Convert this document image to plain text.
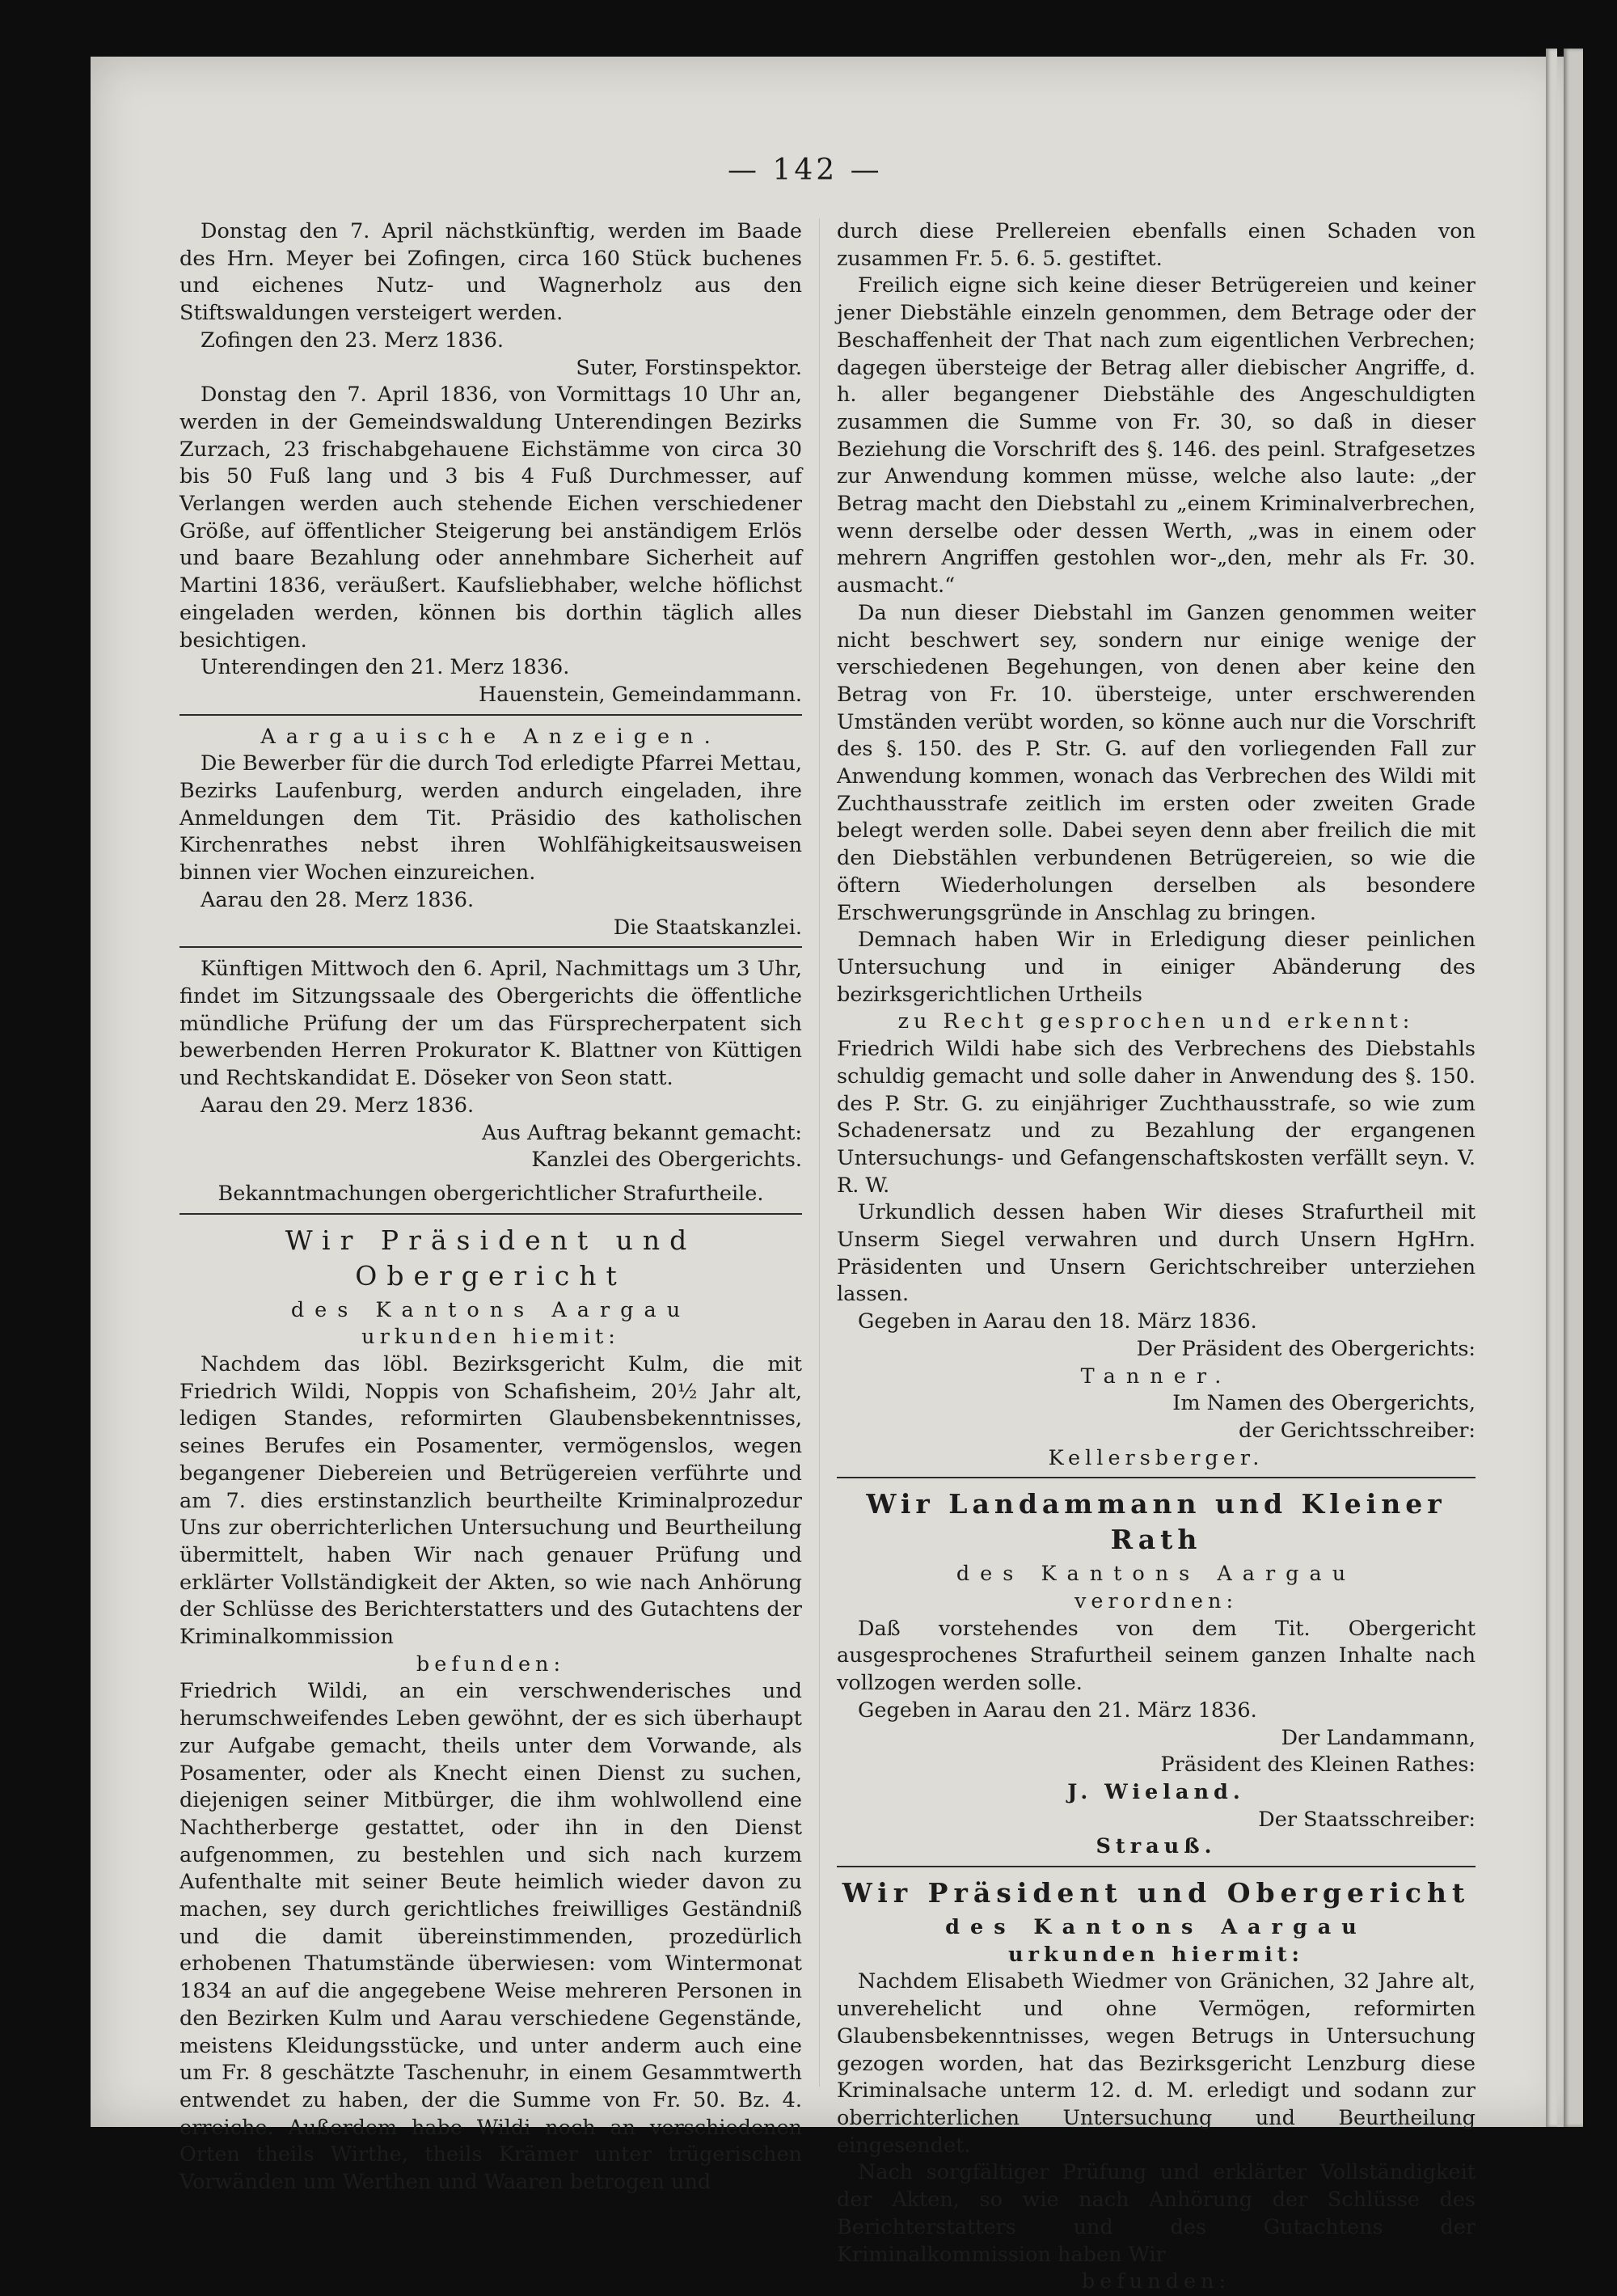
— 142 —

Donstag den 7. April nächstkünftig, werden im Baade des Hrn. Meyer bei Zofingen, circa 160 Stück buchenes und eichenes Nutz- und Wagnerholz aus den Stiftswaldungen versteigert werden.

Zofingen den 23. Merz 1836.

Suter, Forstinspektor.

Donstag den 7. April 1836, von Vormittags 10 Uhr an, werden in der Gemeindswaldung Unterendingen Bezirks Zurzach, 23 frischabgehauene Eichstämme von circa 30 bis 50 Fuß lang und 3 bis 4 Fuß Durchmesser, auf Verlangen werden auch stehende Eichen verschiedener Größe, auf öffentlicher Steigerung bei anständigem Erlös und baare Bezahlung oder annehmbare Sicherheit auf Martini 1836, veräußert. Kaufsliebhaber, welche höflichst eingeladen werden, können bis dorthin täglich alles besichtigen.

Unterendingen den 21. Merz 1836.

Hauenstein, Gemeindammann.

Aargauische Anzeigen.

Die Bewerber für die durch Tod erledigte Pfarrei Mettau, Bezirks Laufenburg, werden andurch eingeladen, ihre Anmeldungen dem Tit. Präsidio des katholischen Kirchenrathes nebst ihren Wohlfähigkeitsausweisen binnen vier Wochen einzureichen.

Aarau den 28. Merz 1836.

Die Staatskanzlei.

Künftigen Mittwoch den 6. April, Nachmittags um 3 Uhr, findet im Sitzungssaale des Obergerichts die öffentliche mündliche Prüfung der um das Fürsprecherpatent sich bewerbenden Herren Prokurator K. Blattner von Küttigen und Rechtskandidat E. Döseker von Seon statt.

Aarau den 29. Merz 1836.

Aus Auftrag bekannt gemacht:

Kanzlei des Obergerichts.

Bekanntmachungen obergerichtlicher Strafurtheile.

Wir Präsident und Obergericht

des Kantons Aargau

urkunden hiemit:

Nachdem das löbl. Bezirksgericht Kulm, die mit Friedrich Wildi, Noppis von Schafisheim, 20½ Jahr alt, ledigen Standes, reformirten Glaubensbekenntnisses, seines Berufes ein Posamenter, vermögenslos, wegen begangener Diebereien und Betrügereien verführte und am 7. dies erstinstanzlich beurtheilte Kriminalprozedur Uns zur oberrichterlichen Untersuchung und Beurtheilung übermittelt, haben Wir nach genauer Prüfung und erklärter Vollständigkeit der Akten, so wie nach Anhörung der Schlüsse des Berichterstatters und des Gutachtens der Kriminalkommission

befunden:

Friedrich Wildi, an ein verschwenderisches und herumschweifendes Leben gewöhnt, der es sich überhaupt zur Aufgabe gemacht, theils unter dem Vorwande, als Posamenter, oder als Knecht einen Dienst zu suchen, diejenigen seiner Mitbürger, die ihm wohlwollend eine Nachtherberge gestattet, oder ihn in den Dienst aufgenommen, zu bestehlen und sich nach kurzem Aufenthalte mit seiner Beute heimlich wieder davon zu machen, sey durch gerichtliches freiwilliges Geständniß und die damit übereinstimmenden, prozedürlich erhobenen Thatumstände überwiesen: vom Wintermonat 1834 an auf die angegebene Weise mehreren Personen in den Bezirken Kulm und Aarau verschiedene Gegenstände, meistens Kleidungsstücke, und unter anderm auch eine um Fr. 8 geschätzte Taschenuhr, in einem Gesammtwerth entwendet zu haben, der die Summe von Fr. 50. Bz. 4. erreiche. Außerdem habe Wildi noch an verschiedenen Orten theils Wirthe, theils Krämer unter trügerischen Vorwänden um Werthen und Waaren betrogen und

durch diese Prellereien ebenfalls einen Schaden von zusammen Fr. 5. 6. 5. gestiftet.

Freilich eigne sich keine dieser Betrügereien und keiner jener Diebstähle einzeln genommen, dem Betrage oder der Beschaffenheit der That nach zum eigentlichen Verbrechen; dagegen übersteige der Betrag aller diebischer Angriffe, d. h. aller begangener Diebstähle des Angeschuldigten zusammen die Summe von Fr. 30, so daß in dieser Beziehung die Vorschrift des §. 146. des peinl. Strafgesetzes zur Anwendung kommen müsse, welche also laute: „der Betrag macht den Diebstahl zu „einem Kriminalverbrechen, wenn derselbe oder dessen Werth, „was in einem oder mehrern Angriffen gestohlen wor-„den, mehr als Fr. 30. ausmacht.“

Da nun dieser Diebstahl im Ganzen genommen weiter nicht beschwert sey, sondern nur einige wenige der verschiedenen Begehungen, von denen aber keine den Betrag von Fr. 10. übersteige, unter erschwerenden Umständen verübt worden, so könne auch nur die Vorschrift des §. 150. des P. Str. G. auf den vorliegenden Fall zur Anwendung kommen, wonach das Verbrechen des Wildi mit Zuchthausstrafe zeitlich im ersten oder zweiten Grade belegt werden solle. Dabei seyen denn aber freilich die mit den Diebstählen verbundenen Betrügereien, so wie die öftern Wiederholungen derselben als besondere Erschwerungsgründe in Anschlag zu bringen.

Demnach haben Wir in Erledigung dieser peinlichen Untersuchung und in einiger Abänderung des bezirksgerichtlichen Urtheils

zu Recht gesprochen und erkennt:

Friedrich Wildi habe sich des Verbrechens des Diebstahls schuldig gemacht und solle daher in Anwendung des §. 150. des P. Str. G. zu einjähriger Zuchthausstrafe, so wie zum Schadenersatz und zu Bezahlung der ergangenen Untersuchungs- und Gefangenschaftskosten verfällt seyn. V. R. W.

Urkundlich dessen haben Wir dieses Strafurtheil mit Unserm Siegel verwahren und durch Unsern HgHrn. Präsidenten und Unsern Gerichtschreiber unterziehen lassen.

Gegeben in Aarau den 18. März 1836.

Der Präsident des Obergerichts:

Tanner.

Im Namen des Obergerichts,

der Gerichtsschreiber:

Kellersberger.

Wir Landammann und Kleiner Rath

des Kantons Aargau

verordnen:

Daß vorstehendes von dem Tit. Obergericht ausgesprochenes Strafurtheil seinem ganzen Inhalte nach vollzogen werden solle.

Gegeben in Aarau den 21. März 1836.

Der Landammann,

Präsident des Kleinen Rathes:

J. Wieland.

Der Staatsschreiber:

Strauß.

Wir Präsident und Obergericht

des Kantons Aargau

urkunden hiermit:

Nachdem Elisabeth Wiedmer von Gränichen, 32 Jahre alt, unverehelicht und ohne Vermögen, reformirten Glaubensbekenntnisses, wegen Betrugs in Untersuchung gezogen worden, hat das Bezirksgericht Lenzburg diese Kriminalsache unterm 12. d. M. erledigt und sodann zur oberrichterlichen Untersuchung und Beurtheilung eingesendet.

Nach sorgfältiger Prüfung und erklärter Vollständigkeit der Akten, so wie nach Anhörung der Schlüsse des Berichterstatters und des Gutachtens der Kriminalkommission haben Wir

befunden:
